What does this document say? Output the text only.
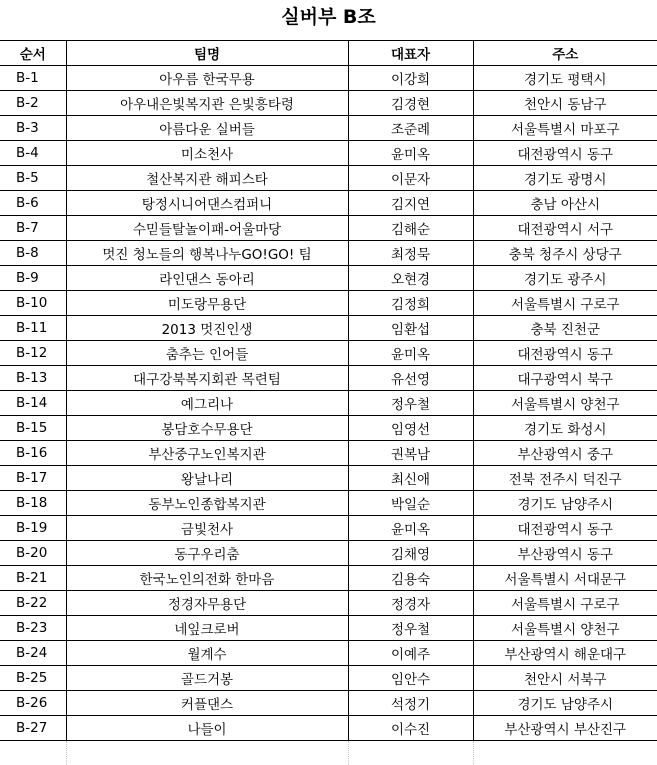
실버부 B조
순서	팀명	대표자	주소
B-1	아우름 한국무용	이강희	경기도 평택시
B-2	아우내은빛복지관 은빛흥타령	김경현	천안시 동남구
B-3	아름다운 실버들	조준례	서울특별시 마포구
B-4	미소천사	윤미옥	대전광역시 동구
B-5	철산복지관 해피스타	이문자	경기도 광명시
B-6	탕정시니어댄스컴퍼니	김지연	충남 아산시
B-7	수믿들탈놀이패-어울마당	김해순	대전광역시 서구
B-8	멋진 청노들의 행복나누GO!GO! 팀	최정묵	충북 청주시 상당구
B-9	라인댄스 동아리	오현경	경기도 광주시
B-10	미도랑무용단	김정희	서울특별시 구로구
B-11	2013 멋진인생	임환섭	충북 진천군
B-12	춤추는 인어들	윤미옥	대전광역시 동구
B-13	대구강북복지회관 목련팀	유선영	대구광역시 북구
B-14	예그리나	정우철	서울특별시 양천구
B-15	봉담호수무용단	임영선	경기도 화성시
B-16	부산중구노인복지관	권복남	부산광역시 중구
B-17	왕날나리	최신애	전북 전주시 덕진구
B-18	동부노인종합복지관	박일순	경기도 남양주시
B-19	금빛천사	윤미옥	대전광역시 동구
B-20	동구우리춤	김채영	부산광역시 동구
B-21	한국노인의전화 한마음	김용숙	서울특별시 서대문구
B-22	정경자무용단	정경자	서울특별시 구로구
B-23	네잎크로버	정우철	서울특별시 양천구
B-24	월계수	이예주	부산광역시 해운대구
B-25	골드거봉	임안수	천안시 서북구
B-26	커플댄스	석정기	경기도 남양주시
B-27	나들이	이수진	부산광역시 부산진구
